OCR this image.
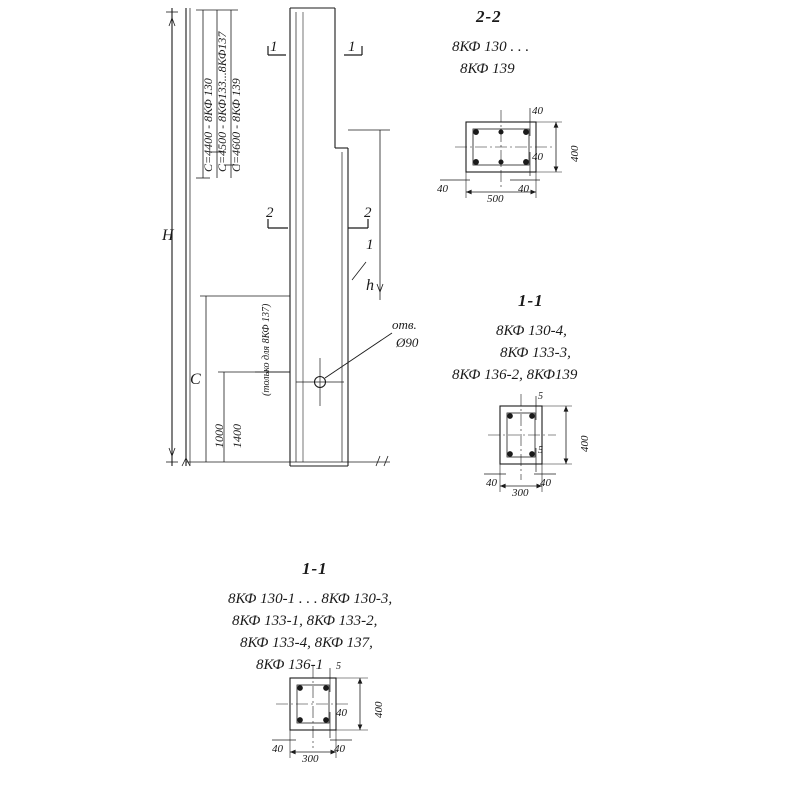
H
C
C=4400 - 8КФ 130 C=4500 - 8КФ133...8КФ137 C=4600 - 8КФ 139
(только для 8КФ 137)
1000 1400
1	1
1
2	2
h
отв.
Ø90
2-2
8КФ 130 . . .
8КФ 139
500
400
40	40
40
40
1-1
8КФ 130-4,
8КФ 133-3,
8КФ 136-2, 8КФ139
300
400
40	40
5
5
1-1
8КФ 130-1 . . . 8КФ 130-3,
8КФ 133-1, 8КФ 133-2,
8КФ 133-4, 8КФ 137,
8КФ 136-1
300
400
40	40
40
5
